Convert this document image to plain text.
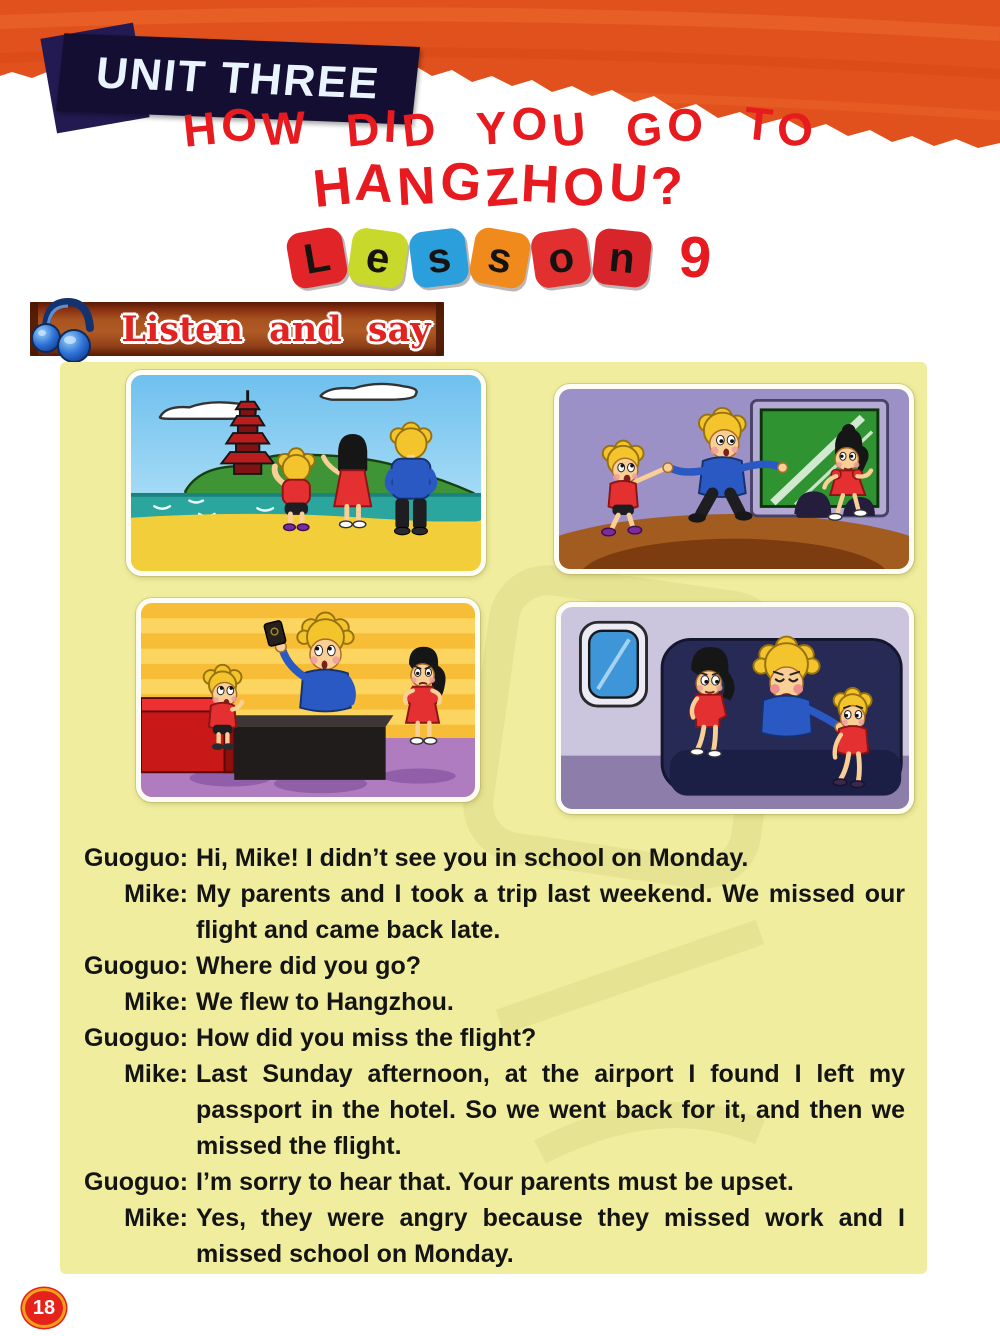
UNIT THREE
HOW DID YOU GO TO
HANGZHOU?
L e s s o n 9
Listen and say
Guoguo: Hi, Mike! I didn’t see you in school on Monday.
Mike: My parents and I took a trip last weekend. We missed our flight and came back late.
Guoguo: Where did you go?
Mike: We flew to Hangzhou.
Guoguo: How did you miss the flight?
Mike: Last Sunday afternoon, at the airport I found I left my passport in the hotel. So we went back for it, and then we missed the flight.
Guoguo: I’m sorry to hear that. Your parents must be upset.
Mike: Yes, they were angry because they missed work and I missed school on Monday.
18
